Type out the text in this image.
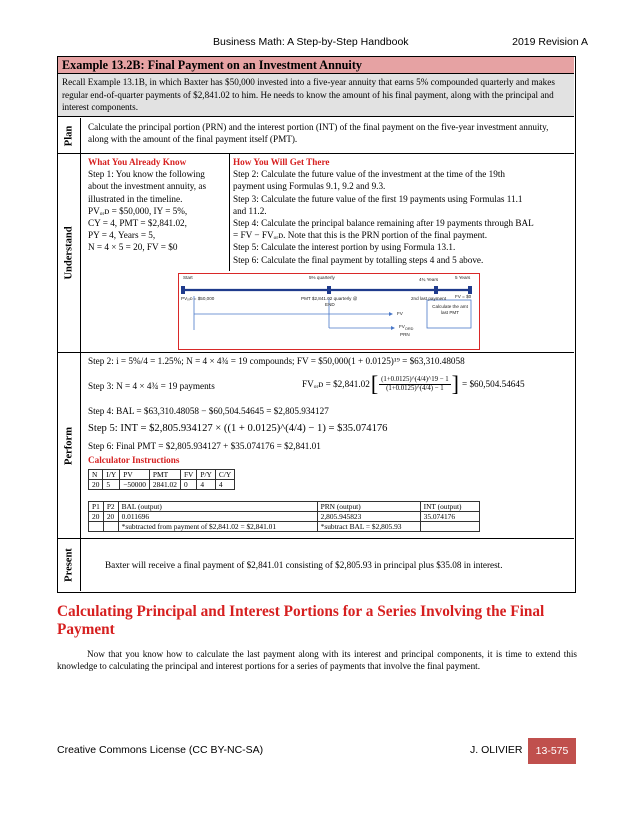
Business Math: A Step-by-Step Handbook	2019 Revision A
Example 13.2B: Final Payment on an Investment Annuity
Recall Example 13.1B, in which Baxter has $50,000 invested into a five-year annuity that earns 5% compounded quarterly and makes regular end-of-quarter payments of $2,841.02 to him. He needs to know the amount of his final payment, along with the principal and interest components.
Plan Calculate the principal portion (PRN) and the interest portion (INT) of the final payment on the five-year investment annuity, along with the amount of the final payment itself (PMT).
Understand
What You Already Know
Step 1: You know the following
about the investment annuity, as
illustrated in the timeline.
PVₒᵣᴅ = $50,000, IY = 5%,
CY = 4, PMT = $2,841.02,
PY = 4, Years = 5,
N = 4 × 5 = 20, FV = $0
How You Will Get There
Step 2: Calculate the future value of the investment at the time of the 19th
payment using Formulas 9.1, 9.2 and 9.3.
Step 3: Calculate the future value of the first 19 payments using Formulas 11.1
and 11.2.
Step 4: Calculate the principal balance remaining after 19 payments through BAL
= FV − FVₒᵣᴅ. Note that this is the PRN portion of the final payment.
Step 5: Calculate the interest portion by using Formula 13.1.
Step 6: Calculate the final payment by totalling steps 4 and 5 above.
Start	5% quarterly	4¾ Years	5 Years
PVₒᵣᴅ = $50,000	PMT $2,841.02 quarterly @
END
2nd last payment FV = $0
Calculate the amt last PMT
FV
$FV_{ORD}$
PRN
Perform
Step 2: i = 5%/4 = 1.25%; N = 4 × 4¾ = 19 compounds; FV = $50,000(1 + 0.0125)¹⁹ = $63,310.48058
Step 3: N = 4 × 4¾ = 19 payments	FVₒᵣᴅ = $2,841.02 [ $\frac{(1+0.0125)\^{}(4/4)\^{}19 - 1}{(1+0.0125)\^{}(4/4) - 1}$ ] = $60,504.54645
Step 4: BAL = $63,310.48058 − $60,504.54645 = $2,805.934127
Step 5: INT = $2,805.934127 × ((1 + 0.0125)^(4/4) − 1) = $35.074176
Step 6: Final PMT = $2,805.934127 + $35.074176 = $2,841.01
Calculator Instructions
N	I/Y	PV	PMT	FV	P/Y	C/Y
20	5	−50000	2841.02	0	4	4
P1	P2	BAL (output)	PRN (output)	INT (output)
20	20	0.011696	2,805.945823	35.074176
		*subtracted from payment of $2,841.02 = $2,841.01	*subtract BAL = $2,805.93	
Present	Baxter will receive a final payment of $2,841.01 consisting of $2,805.93 in principal plus $35.08 in interest.
Calculating Principal and Interest Portions for a Series Involving the Final Payment
Now that you know how to calculate the last payment along with its interest and principal components, it is time to extend this knowledge to calculating the principal and interest portions for a series of payments that involve the final payment.
Creative Commons License (CC BY-NC-SA)	J. OLIVIER	13-575
